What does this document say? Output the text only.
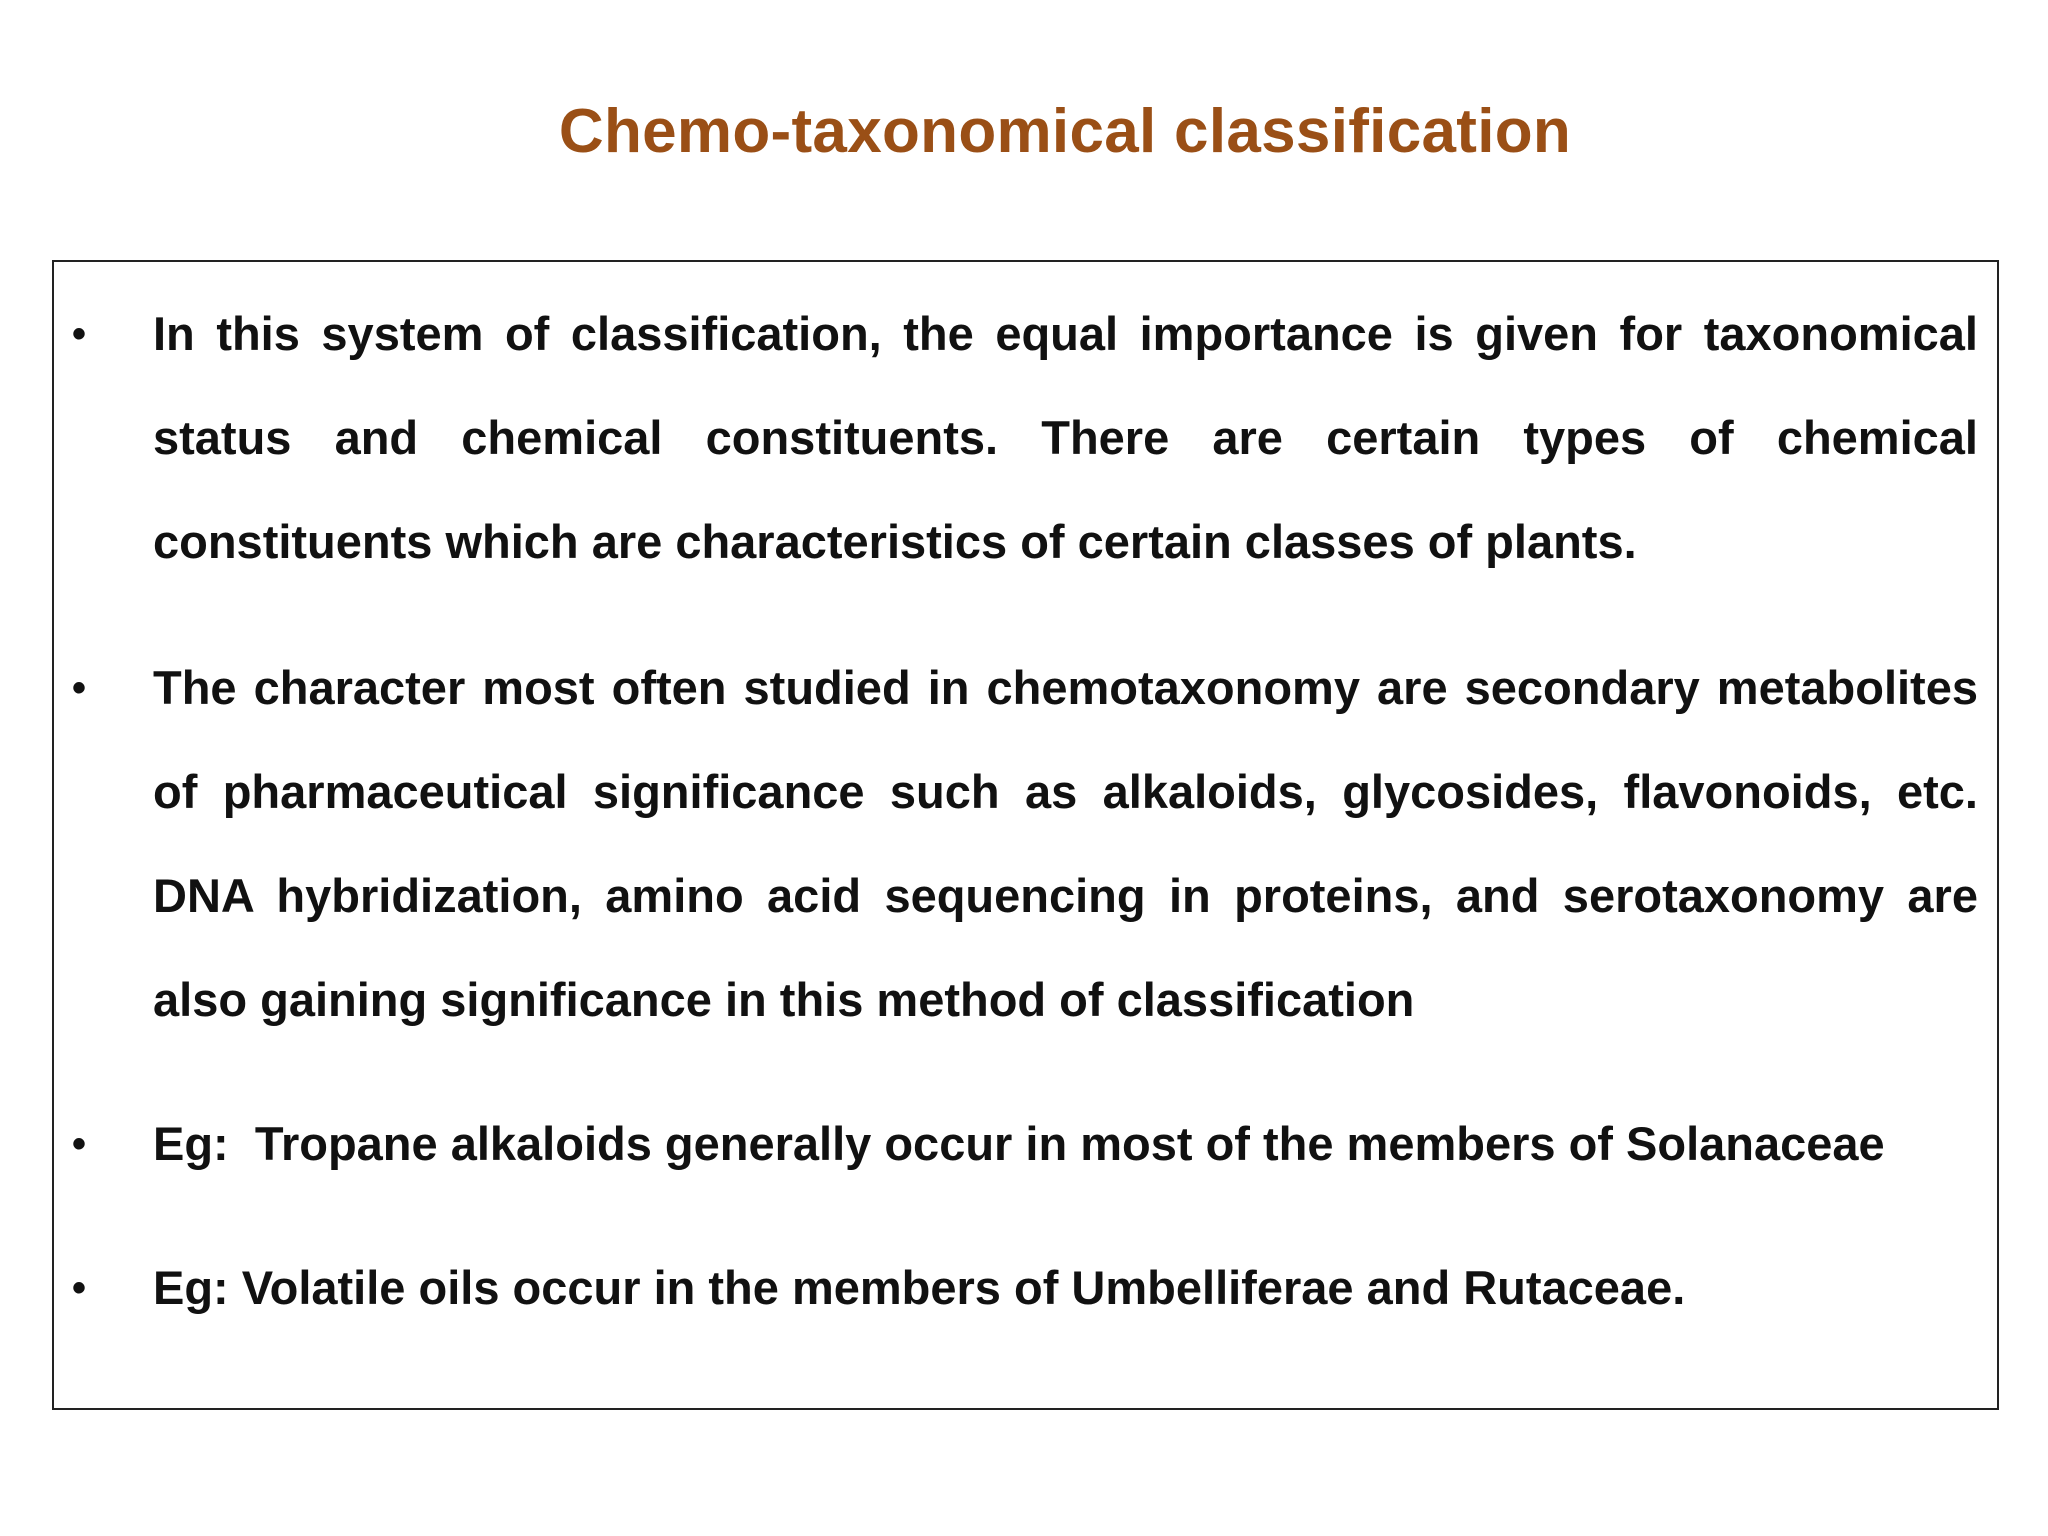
Chemo-taxonomical classification
• In this system of classification, the equal importance is given for taxonomical status and chemical constituents. There are certain types of chemical constituents which are characteristics of certain classes of plants.

• The character most often studied in chemotaxonomy are secondary metabolites of pharmaceutical significance such as alkaloids, glycosides, flavonoids, etc. DNA hybridization, amino acid sequencing in proteins, and serotaxonomy are also gaining significance in this method of classification

• Eg:  Tropane alkaloids generally occur in most of the members of Solanaceae

• Eg: Volatile oils occur in the members of Umbelliferae and Rutaceae.
